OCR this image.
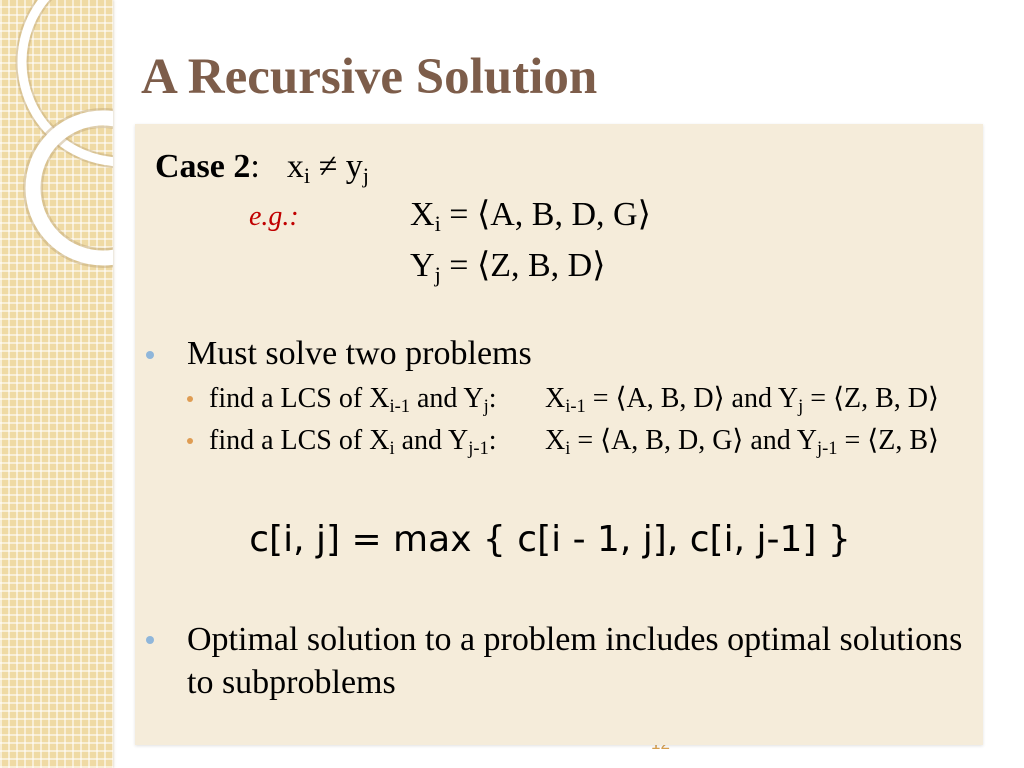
A Recursive Solution
Case 2: xi ≠ yj
e.g.:	Xi = ⟨A, B, D, G⟩
Yj = ⟨Z, B, D⟩
Must solve two problems
find a LCS of Xi-1 and Yj: Xi-1 = ⟨A, B, D⟩ and Yj = ⟨Z, B, D⟩
find a LCS of Xi and Yj-1: Xi = ⟨A, B, D, G⟩ and Yj-1 = ⟨Z, B⟩
c[i, j] = max { c[i - 1, j], c[i, j-1] }
Optimal solution to a problem includes optimal solutions to subproblems
